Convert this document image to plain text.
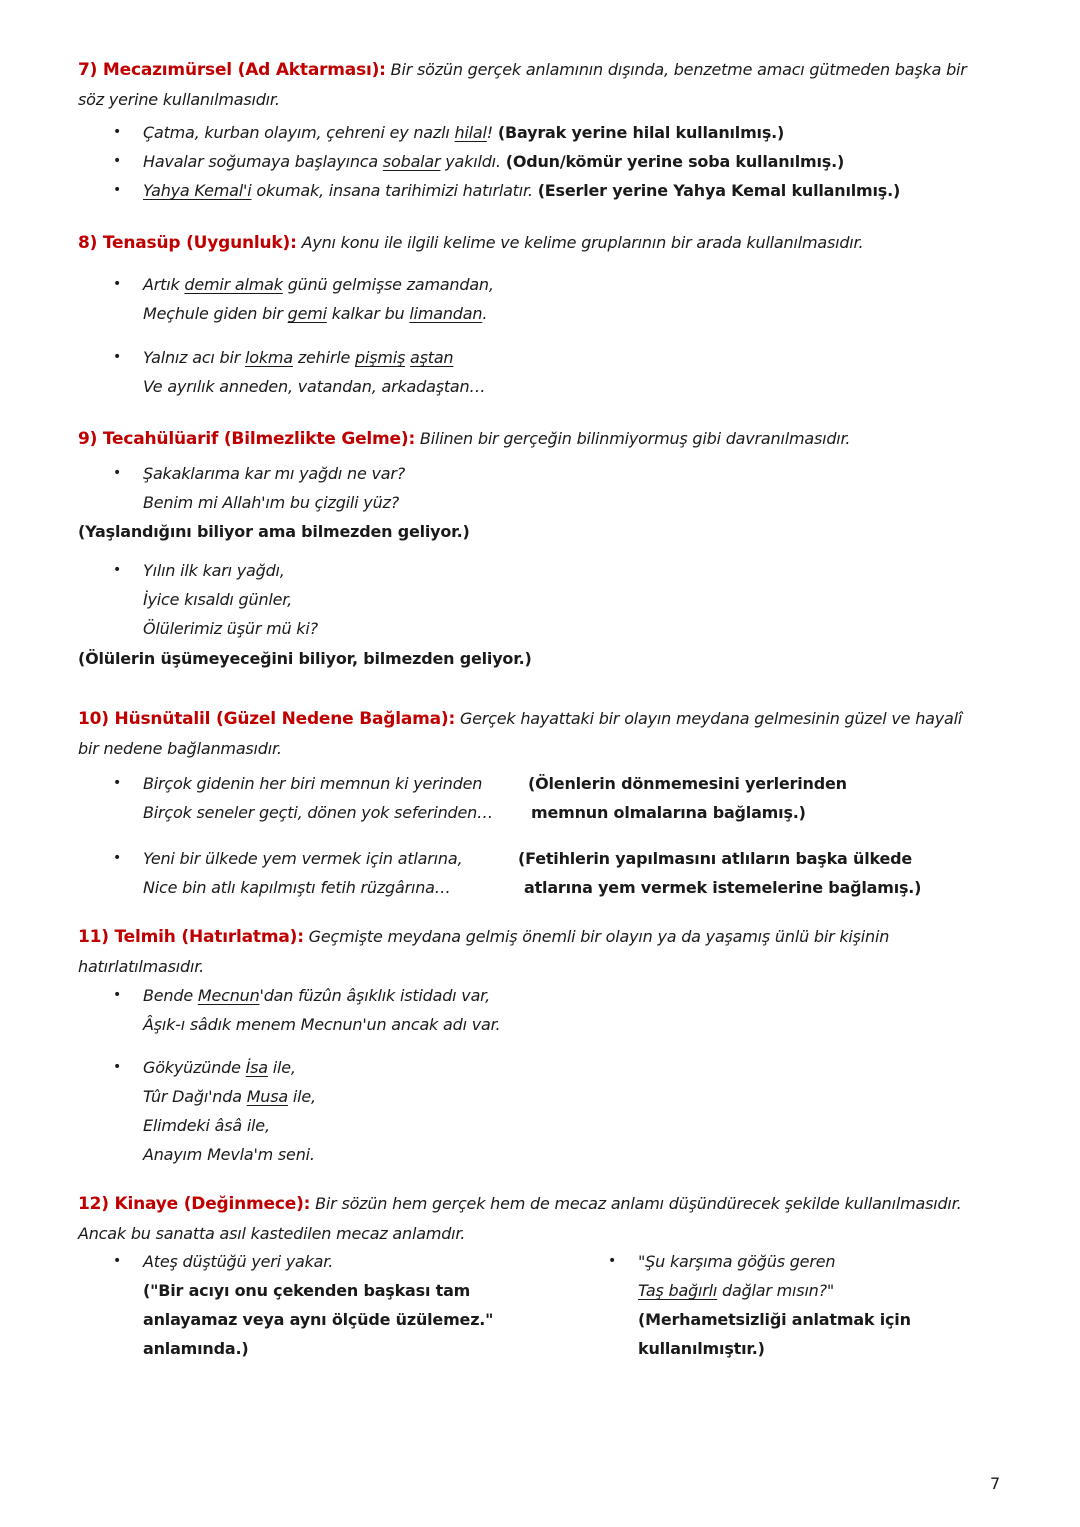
7) Mecazımürsel (Ad Aktarması): Bir sözün gerçek anlamının dışında, benzetme amacı gütmeden başka bir
söz yerine kullanılmasıdır.
• Çatma, kurban olayım, çehreni ey nazlı hilal! (Bayrak yerine hilal kullanılmış.)
• Havalar soğumaya başlayınca sobalar yakıldı. (Odun/kömür yerine soba kullanılmış.)
• Yahya Kemal'i okumak, insana tarihimizi hatırlatır. (Eserler yerine Yahya Kemal kullanılmış.)
8) Tenasüp (Uygunluk): Aynı konu ile ilgili kelime ve kelime gruplarının bir arada kullanılmasıdır.
• Artık demir almak günü gelmişse zamandan,
Meçhule giden bir gemi kalkar bu limandan.
• Yalnız acı bir lokma zehirle pişmiş aştan
Ve ayrılık anneden, vatandan, arkadaştan…
9) Tecahülüarif (Bilmezlikte Gelme): Bilinen bir gerçeğin bilinmiyormuş gibi davranılmasıdır.
• Şakaklarıma kar mı yağdı ne var?
Benim mi Allah'ım bu çizgili yüz?
(Yaşlandığını biliyor ama bilmezden geliyor.)
• Yılın ilk karı yağdı,
İyice kısaldı günler,
Ölülerimiz üşür mü ki?
(Ölülerin üşümeyeceğini biliyor, bilmezden geliyor.)
10) Hüsnütalil (Güzel Nedene Bağlama): Gerçek hayattaki bir olayın meydana gelmesinin güzel ve hayalî
bir nedene bağlanmasıdır.
• Birçok gidenin her biri memnun ki yerinden
Birçok seneler geçti, dönen yok seferinden…
(Ölenlerin dönmemesini yerlerinden
memnun olmalarına bağlamış.)
• Yeni bir ülkede yem vermek için atlarına,
Nice bin atlı kapılmıştı fetih rüzgârına…
(Fetihlerin yapılmasını atlıların başka ülkede
atlarına yem vermek istemelerine bağlamış.)
11) Telmih (Hatırlatma): Geçmişte meydana gelmiş önemli bir olayın ya da yaşamış ünlü bir kişinin
hatırlatılmasıdır.
• Bende Mecnun'dan füzûn âşıklık istidadı var,
Âşık-ı sâdık menem Mecnun'un ancak adı var.
• Gökyüzünde İsa ile,
Tûr Dağı'nda Musa ile,
Elimdeki âsâ ile,
Anayım Mevla'm seni.
12) Kinaye (Değinmece): Bir sözün hem gerçek hem de mecaz anlamı düşündürecek şekilde kullanılmasıdır.
Ancak bu sanatta asıl kastedilen mecaz anlamdır.
• Ateş düştüğü yeri yakar.
("Bir acıyı onu çekenden başkası tam
anlayamaz veya aynı ölçüde üzülemez."
anlamında.)
• "Şu karşıma göğüs geren
Taş bağırlı dağlar mısın?"
(Merhametsizliği anlatmak için
kullanılmıştır.)
7
